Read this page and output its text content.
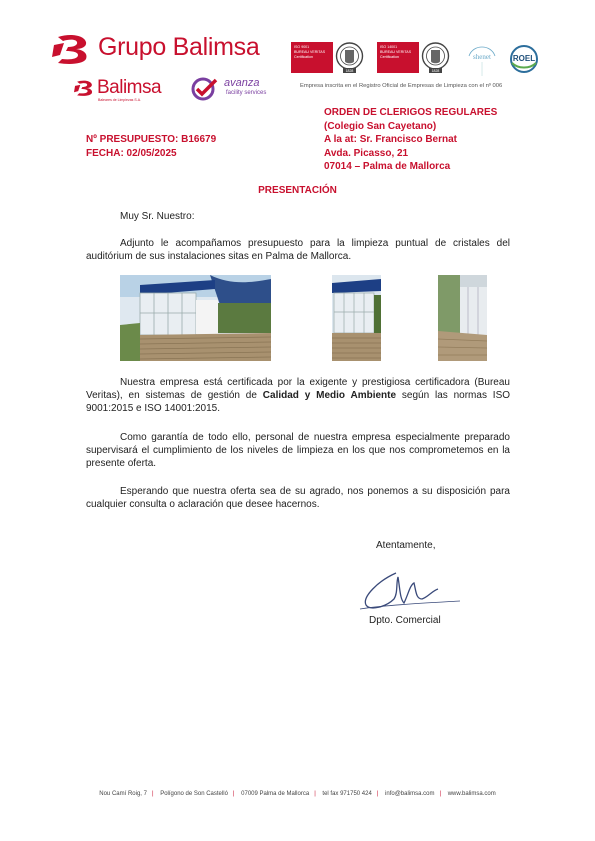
Grupo Balimsa
Balimsa
Baleares de Limpiezas S.A.
avanza
facility services
ISO 9001
BUREAU VERITAS
Certification
1828
ISO 14001
BUREAU VERITAS
Certification
1828
shenet	ROEL
Empresa inscrita en el Registro Oficial de Empresas de Limpieza con el nº 006
ORDEN DE CLERIGOS REGULARES
(Colegio San Cayetano)
A la at: Sr. Francisco Bernat
Avda. Picasso, 21
07014 – Palma de Mallorca
Nº PRESUPUESTO: B16679
FECHA: 02/05/2025
PRESENTACIÓN
Muy Sr. Nuestro:
Adjunto le acompañamos presupuesto para la limpieza puntual de cristales del auditórium de sus instalaciones sitas en Palma de Mallorca.
Nuestra empresa está certificada por la exigente y prestigiosa certificadora (Bureau Veritas), en sistemas de gestión de Calidad y Medio Ambiente según las normas ISO 9001:2015 e ISO 14001:2015.
Como garantía de todo ello, personal de nuestra empresa especialmente preparado supervisará el cumplimiento de los niveles de limpieza en los que nos comprometemos en la presente oferta.
Esperando que nuestra oferta sea de su agrado, nos ponemos a su disposición para cualquier consulta o aclaración que desee hacernos.
Atentamente,
Dpto. Comercial
Nou Camí Roig, 7 | Polígono de Son Castelló | 07009 Palma de Mallorca | tel fax 971750 424 | info@balimsa.com | www.balimsa.com
